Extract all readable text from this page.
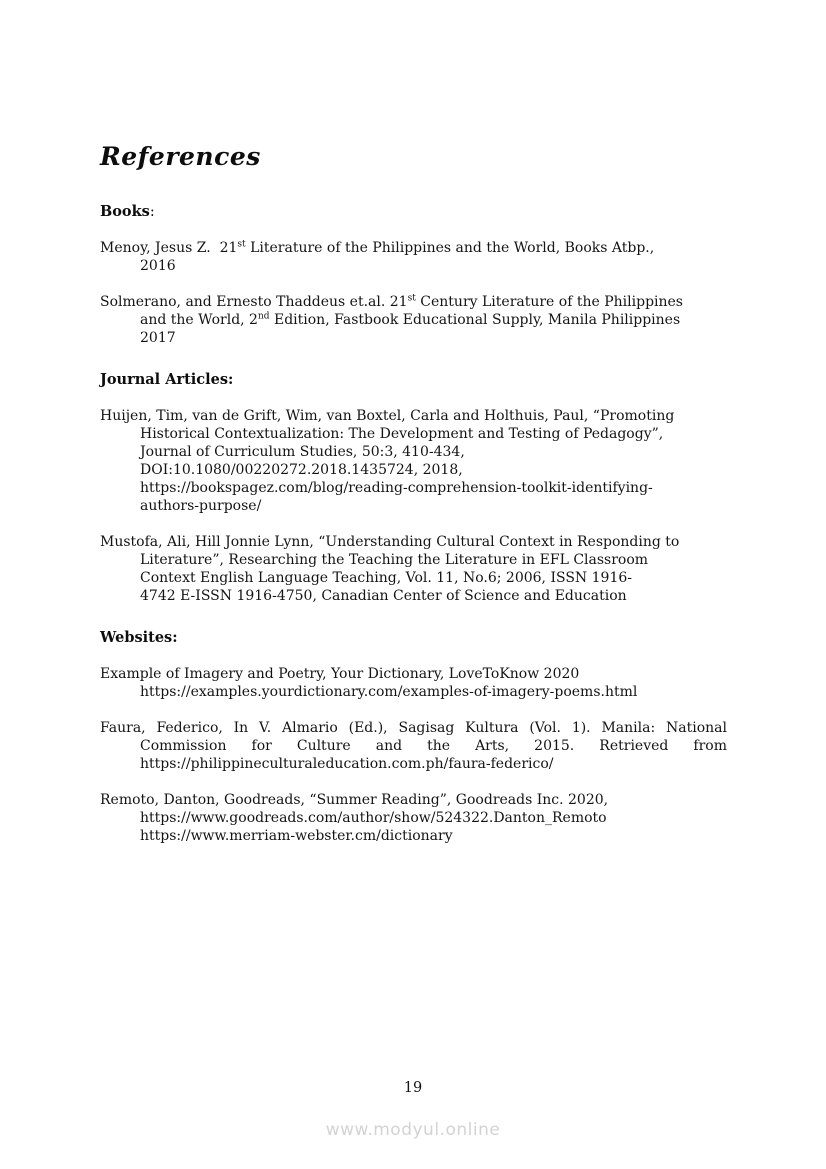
References
Books:

Menoy, Jesus Z.  21st Literature of the Philippines and the World, Books Atbp.,
2016

Solmerano, and Ernesto Thaddeus et.al. 21st Century Literature of the Philippines
and the World, 2nd Edition, Fastbook Educational Supply, Manila Philippines
2017

Journal Articles:

Huijen, Tim, van de Grift, Wim, van Boxtel, Carla and Holthuis, Paul, “Promoting
Historical Contextualization: The Development and Testing of Pedagogy”,
Journal of Curriculum Studies, 50:3, 410-434,
DOI:10.1080/00220272.2018.1435724, 2018,
https://bookspagez.com/blog/reading-comprehension-toolkit-identifying-
authors-purpose/

Mustofa, Ali, Hill Jonnie Lynn, “Understanding Cultural Context in Responding to
Literature”, Researching the Teaching the Literature in EFL Classroom
Context English Language Teaching, Vol. 11, No.6; 2006, ISSN 1916-
4742 E-ISSN 1916-4750, Canadian Center of Science and Education

Websites:

Example of Imagery and Poetry, Your Dictionary, LoveToKnow 2020
https://examples.yourdictionary.com/examples-of-imagery-poems.html

Faura, Federico, In V. Almario (Ed.), Sagisag Kultura (Vol. 1). Manila: National
Commission for Culture and the Arts, 2015. Retrieved from
https://philippineculturaleducation.com.ph/faura-federico/

Remoto, Danton, Goodreads, “Summer Reading”, Goodreads Inc. 2020,
https://www.goodreads.com/author/show/524322.Danton_Remoto
https://www.merriam-webster.cm/dictionary

19
www.modyul.online
